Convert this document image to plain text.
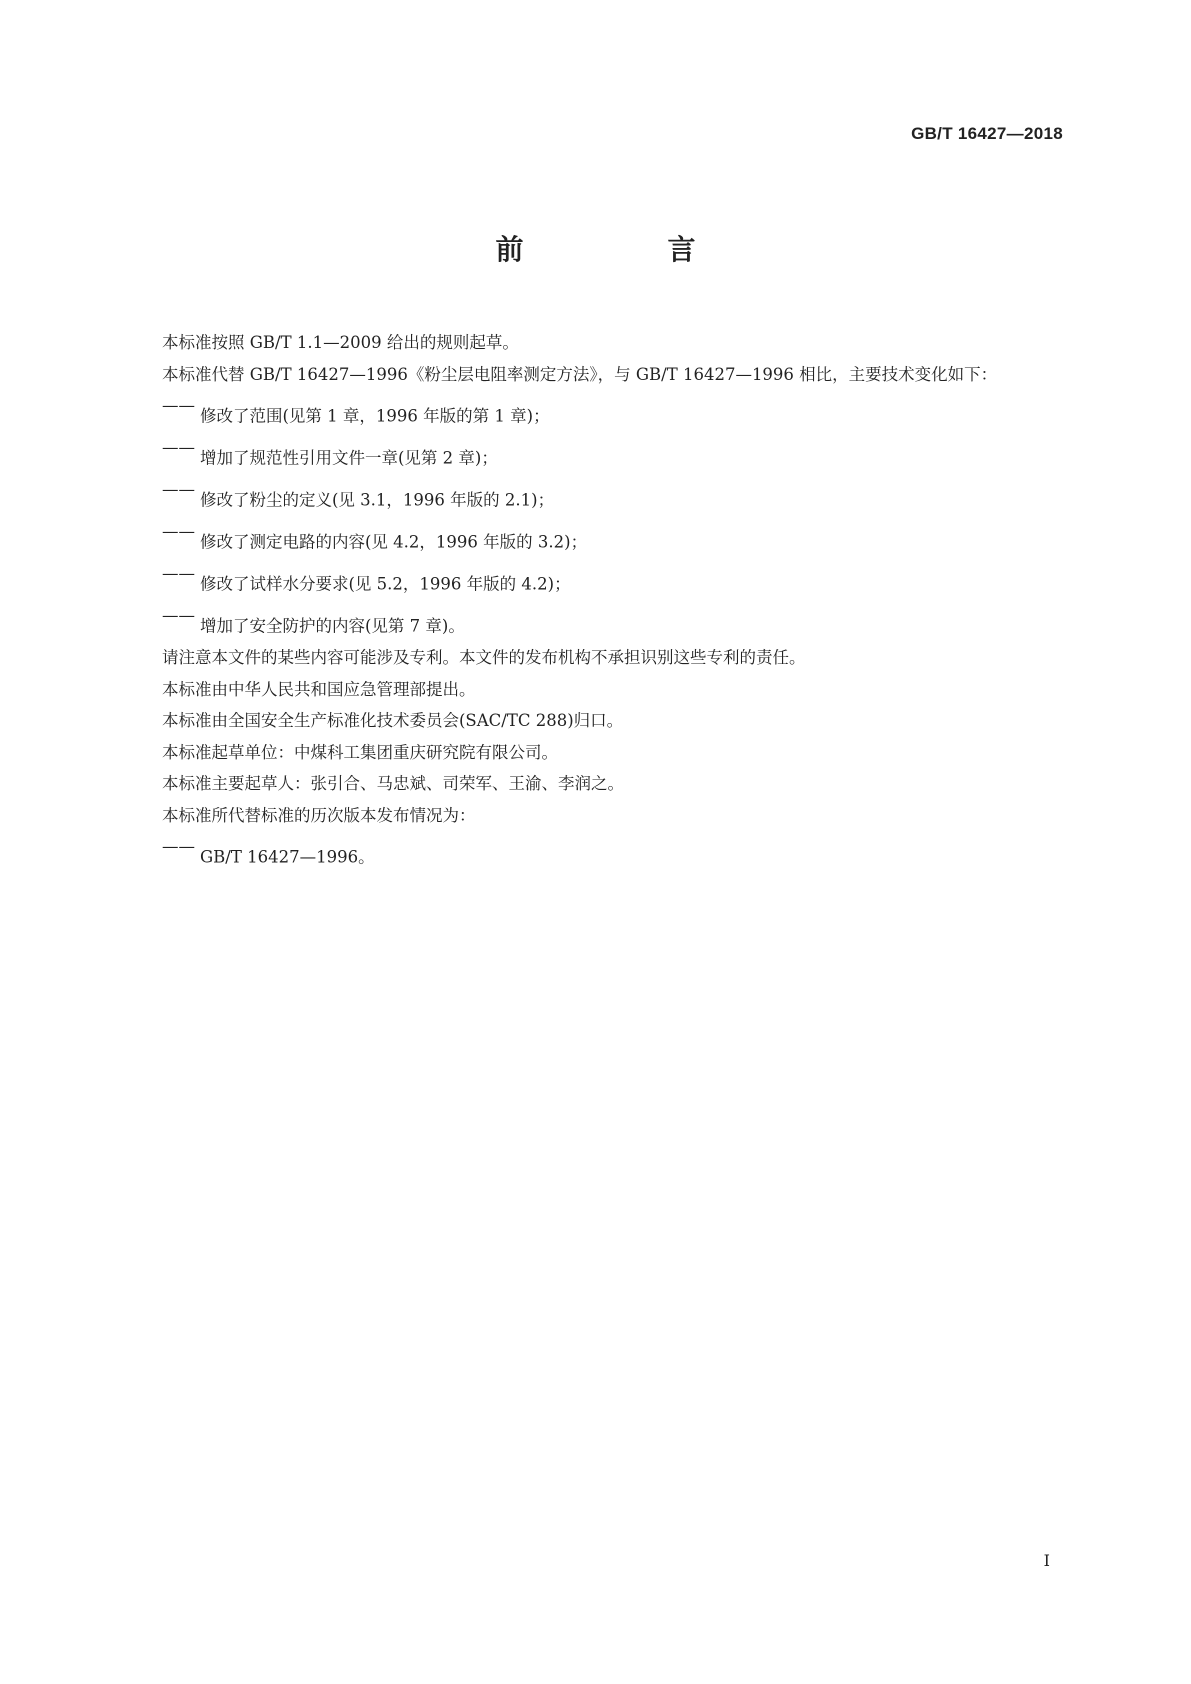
GB/T 16427—2018
前　言

本标准按照 GB/T 1.1—2009 给出的规则起草。

本标准代替 GB/T 16427—1996《粉尘层电阻率测定方法》，与 GB/T 16427—1996 相比，主要技术变化如下：

——修改了范围(见第 1 章，1996 年版的第 1 章)；
——增加了规范性引用文件一章(见第 2 章)；
——修改了粉尘的定义(见 3.1，1996 年版的 2.1)；
——修改了测定电路的内容(见 4.2，1996 年版的 3.2)；
——修改了试样水分要求(见 5.2，1996 年版的 4.2)；
——增加了安全防护的内容(见第 7 章)。

请注意本文件的某些内容可能涉及专利。本文件的发布机构不承担识别这些专利的责任。

本标准由中华人民共和国应急管理部提出。

本标准由全国安全生产标准化技术委员会(SAC/TC 288)归口。

本标准起草单位：中煤科工集团重庆研究院有限公司。

本标准主要起草人：张引合、马忠斌、司荣军、王渝、李润之。

本标准所代替标准的历次版本发布情况为：

——GB/T 16427—1996。
I
